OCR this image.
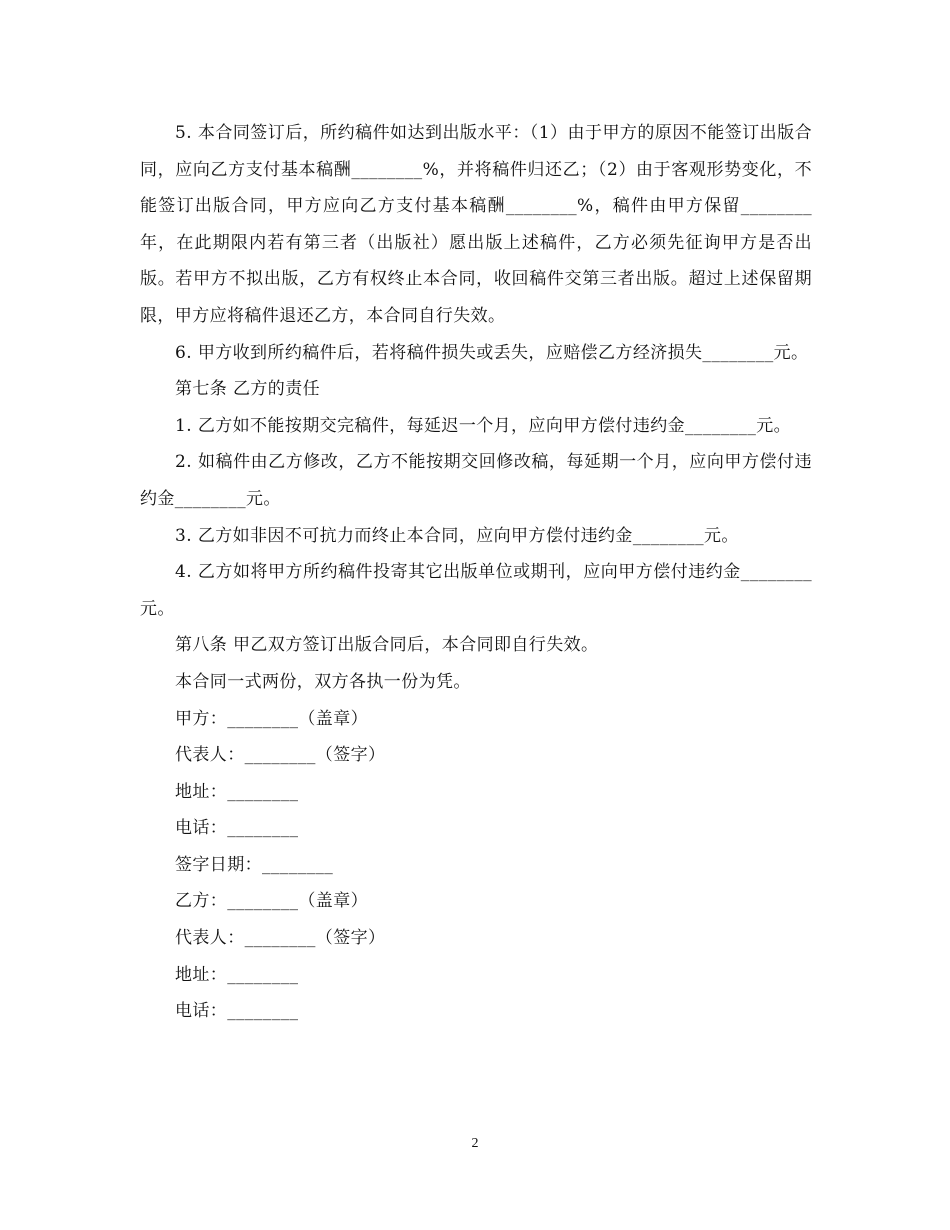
5. 本合同签订后，所约稿件如达到出版水平：（1）由于甲方的原因不能签订出版合同，应向乙方支付基本稿酬________%，并将稿件归还乙；（2）由于客观形势变化，不能签订出版合同，甲方应向乙方支付基本稿酬________%，稿件由甲方保留________年，在此期限内若有第三者（出版社）愿出版上述稿件，乙方必须先征询甲方是否出版。若甲方不拟出版，乙方有权终止本合同，收回稿件交第三者出版。超过上述保留期限，甲方应将稿件退还乙方，本合同自行失效。

6. 甲方收到所约稿件后，若将稿件损失或丢失，应赔偿乙方经济损失________元。

第七条 乙方的责任

1. 乙方如不能按期交完稿件，每延迟一个月，应向甲方偿付违约金________元。

2. 如稿件由乙方修改，乙方不能按期交回修改稿，每延期一个月，应向甲方偿付违约金________元。

3. 乙方如非因不可抗力而终止本合同，应向甲方偿付违约金________元。

4. 乙方如将甲方所约稿件投寄其它出版单位或期刊，应向甲方偿付违约金________元。

第八条 甲乙双方签订出版合同后，本合同即自行失效。

本合同一式两份，双方各执一份为凭。

甲方：________（盖章）

代表人：________（签字）

地址：________

电话：________

签字日期：________

乙方：________（盖章）

代表人：________（签字）

地址：________

电话：________

2
